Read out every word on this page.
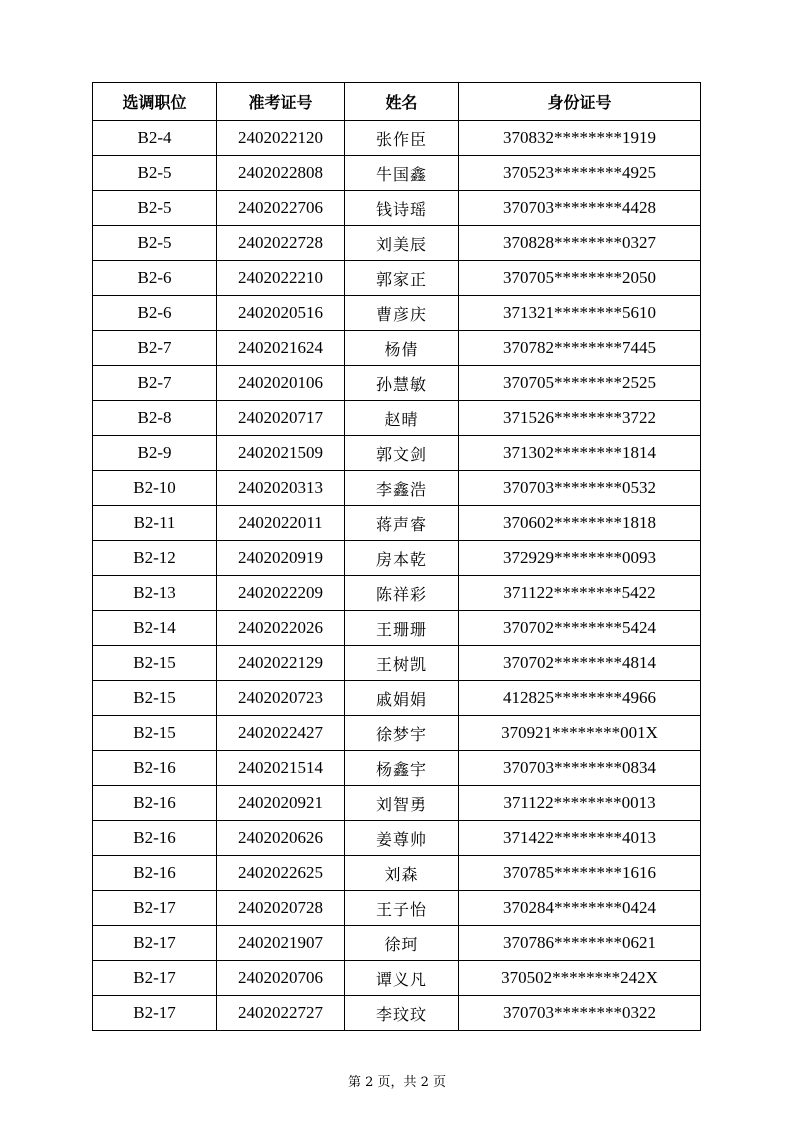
选调职位	准考证号	姓名	身份证号
B2-4	2402022120	张作臣	370832********1919
B2-5	2402022808	牛国鑫	370523********4925
B2-5	2402022706	钱诗瑶	370703********4428
B2-5	2402022728	刘美辰	370828********0327
B2-6	2402022210	郭家正	370705********2050
B2-6	2402020516	曹彦庆	371321********5610
B2-7	2402021624	杨倩	370782********7445
B2-7	2402020106	孙慧敏	370705********2525
B2-8	2402020717	赵晴	371526********3722
B2-9	2402021509	郭文剑	371302********1814
B2-10	2402020313	李鑫浩	370703********0532
B2-11	2402022011	蒋声睿	370602********1818
B2-12	2402020919	房本乾	372929********0093
B2-13	2402022209	陈祥彩	371122********5422
B2-14	2402022026	王珊珊	370702********5424
B2-15	2402022129	王树凯	370702********4814
B2-15	2402020723	戚娟娟	412825********4966
B2-15	2402022427	徐梦宇	370921********001X
B2-16	2402021514	杨鑫宇	370703********0834
B2-16	2402020921	刘智勇	371122********0013
B2-16	2402020626	姜尊帅	371422********4013
B2-16	2402022625	刘森	370785********1616
B2-17	2402020728	王子怡	370284********0424
B2-17	2402021907	徐珂	370786********0621
B2-17	2402020706	谭义凡	370502********242X
B2-17	2402022727	李玟玟	370703********0322
第 2 页，共 2 页
